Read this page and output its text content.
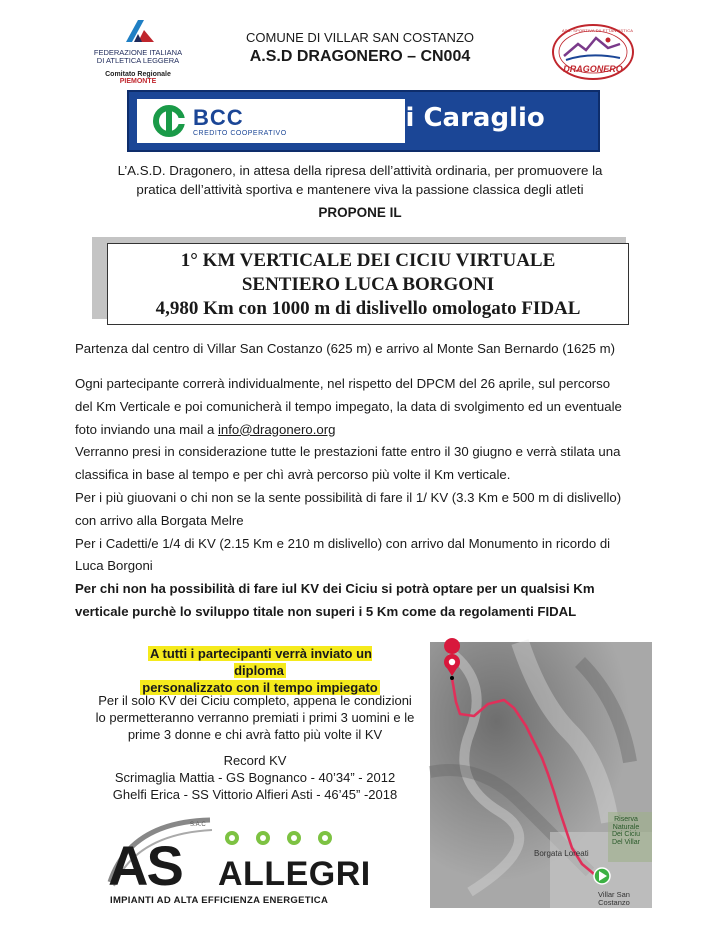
FEDERAZIONE ITALIANA
DI ATLETICA LEGGERA
Comitato Regionale PIEMONTE
COMUNE DI VILLAR SAN COSTANZO
A.S.D DRAGONERO – CN004
ASS. SPORTIVA DILETTANTISTICA
DRAGONERO
BCC
CREDITO COOPERATIVO
Banca di Caraglio
L’A.S.D. Dragonero, in attesa della ripresa dell’attività ordinaria, per promuovere la
pratica dell’attività sportiva e mantenere viva la passione classica degli atleti
PROPONE IL
1° KM VERTICALE DEI CICIU VIRTUALE
SENTIERO LUCA BORGONI
4,980 Km con 1000 m di dislivello omologato FIDAL
Partenza dal centro di Villar San Costanzo (625 m) e arrivo al Monte San Bernardo (1625 m)
Ogni partecipante correrà individualmente, nel rispetto del DPCM del 26 aprile, sul percorso
del Km Verticale e poi comunicherà il tempo impegato, la data di svolgimento ed un eventuale
foto inviando una mail a info@dragonero.org
Verranno presi in considerazione tutte le prestazioni fatte entro il 30 giugno e verrà stilata una
classifica in base al tempo e per chì avrà percorso più volte il Km verticale.
Per i più giuovani o chi non se la sente possibilità di fare il 1/ KV (3.3 Km e 500 m di dislivello)
con arrivo alla Borgata Melre
Per i Cadetti/e 1/4 di KV (2.15 Km e 210 m dislivello) con arrivo dal Monumento in ricordo di
Luca Borgoni
Per chi non ha possibilità di fare iul KV dei Ciciu si potrà optare per un qualsisi Km
verticale purchè lo sviluppo titale non superi i 5 Km come da regolamenti FIDAL
A tutti i partecipanti verrà inviato un diploma
personalizzato con il tempo impiegato
Per il solo KV dei Ciciu completo, appena le condizioni
lo permetteranno verranno premiati i primi 3 uomini e le
prime 3 donne e chi avrà fatto più volte il KV
Record KV
Scrimaglia Mattia - GS Bognanco - 40’34” - 2012
Ghelfi Erica - SS Vittorio Alfieri Asti - 46’45” -2018
Riserva
Naturale
Dei Ciciu
Del Villar
Borgata Loreati
Villar San
Costanzo
AS
S.A.C
ALLEGRI
IMPIANTI AD ALTA EFFICIENZA ENERGETICA
